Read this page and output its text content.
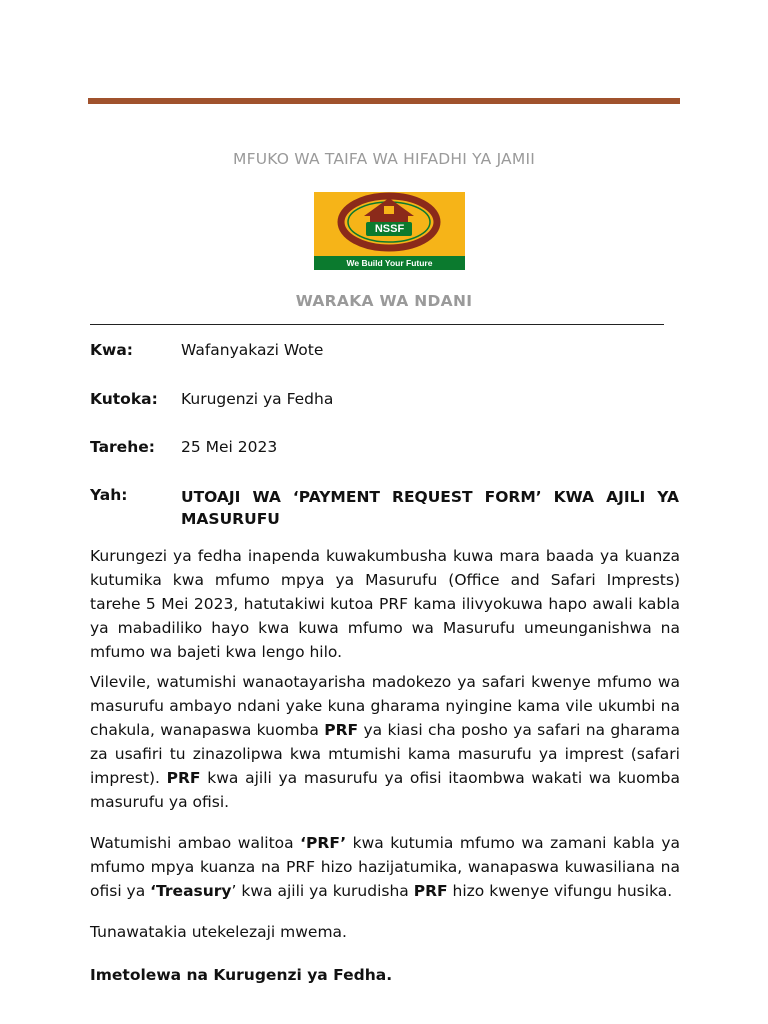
MFUKO WA TAIFA WA HIFADHI YA JAMII
NSSF
We Build Your Future
WARAKA WA NDANI
Kwa:	Wafanyakazi Wote
Kutoka: Kurugenzi ya Fedha
Tarehe: 25 Mei 2023
Yah:	UTOAJI WA ‘PAYMENT REQUEST FORM’ KWA AJILI YA MASURUFU
Kurungezi ya fedha inapenda kuwakumbusha kuwa mara baada ya kuanza kutumika kwa mfumo mpya ya Masurufu (Office and Safari Imprests) tarehe 5 Mei 2023, hatutakiwi kutoa PRF kama ilivyokuwa hapo awali kabla ya mabadiliko hayo kwa kuwa mfumo wa Masurufu umeunganishwa na mfumo wa bajeti kwa lengo hilo.
Vilevile, watumishi wanaotayarisha madokezo ya safari kwenye mfumo wa masurufu ambayo ndani yake kuna gharama nyingine kama vile ukumbi na chakula, wanapaswa kuomba PRF ya kiasi cha posho ya safari na gharama za usafiri tu zinazolipwa kwa mtumishi kama masurufu ya imprest (safari imprest). PRF kwa ajili ya masurufu ya ofisi itaombwa wakati wa kuomba masurufu ya ofisi.
Watumishi ambao walitoa ‘PRF’ kwa kutumia mfumo wa zamani kabla ya mfumo mpya kuanza na PRF hizo hazijatumika, wanapaswa kuwasiliana na ofisi ya ‘Treasury’ kwa ajili ya kurudisha PRF hizo kwenye vifungu husika.
Tunawatakia utekelezaji mwema.
Imetolewa na Kurugenzi ya Fedha.
